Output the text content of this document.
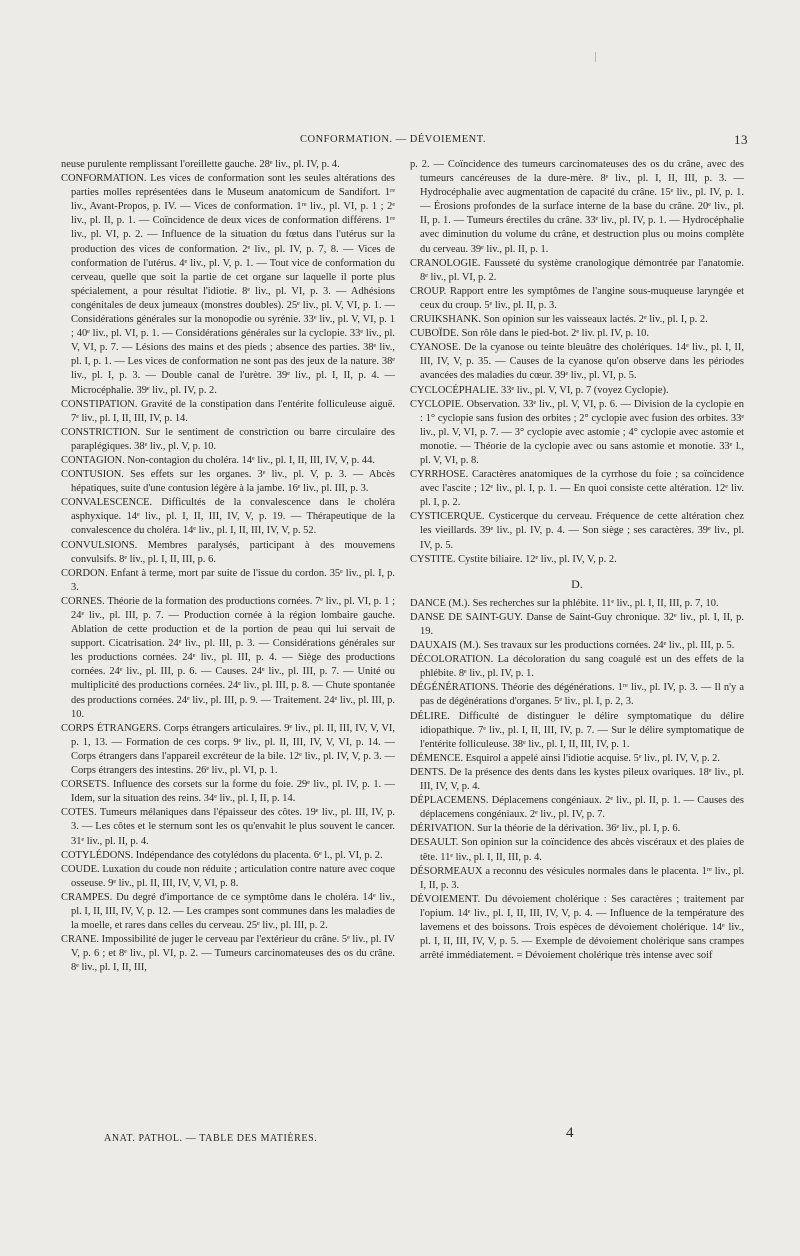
CONFORMATION. — DÉVOIEMENT.	13

neuse purulente remplissant l'oreillette gauche. 28ᵉ liv., pl. IV, p. 4.

CONFORMATION. Les vices de conformation sont les seules altérations des parties molles représentées dans le Museum anatomicum de Sandifort. 1ʳᵉ liv., Avant-Propos, p. IV. — Vices de conformation. 1ʳᵉ liv., pl. VI, p. 1 ; 2ᵉ liv., pl. II, p. 1. — Coïncidence de deux vices de conformation différens. 1ʳᵉ liv., pl. VI, p. 2. — Influence de la situation du fœtus dans l'utérus sur la production des vices de conformation. 2ᵉ liv., pl. IV, p. 7, 8. — Vices de conformation de l'utérus. 4ᵉ liv., pl. V, p. 1. — Tout vice de conformation du cerveau, quelle que soit la partie de cet organe sur laquelle il porte plus spécialement, a pour résultat l'idiotie. 8ᵉ liv., pl. VI, p. 3. — Adhésions congénitales de deux jumeaux (monstres doubles). 25ᵉ liv., pl. V, VI, p. 1. — Considérations générales sur la monopodie ou syrénie. 33ᵉ liv., pl. V, VI, p. 1 ; 40ᵉ liv., pl. VI, p. 1. — Considérations générales sur la cyclopie. 33ᵉ liv., pl. V, VI, p. 7. — Lésions des mains et des pieds ; absence des parties. 38ᵉ liv., pl. I, p. 1. — Les vices de conformation ne sont pas des jeux de la nature. 38ᵉ liv., pl. I, p. 3. — Double canal de l'urètre. 39ᵉ liv., pl. I, II, p. 4. — Microcéphalie. 39ᵉ liv., pl. IV, p. 2.

CONSTIPATION. Gravité de la constipation dans l'entérite folliculeuse aiguë. 7ᵉ liv., pl. I, II, III, IV, p. 14.

CONSTRICTION. Sur le sentiment de constriction ou barre circulaire des paraplégiques. 38ᵉ liv., pl. V, p. 10.

CONTAGION. Non-contagion du choléra. 14ᵉ liv., pl. I, II, III, IV, V, p. 44.

CONTUSION. Ses effets sur les organes. 3ᵉ liv., pl. V, p. 3. — Abcès hépatiques, suite d'une contusion légère à la jambe. 16ᵉ liv., pl. III, p. 3.

CONVALESCENCE. Difficultés de la convalescence dans le choléra asphyxique. 14ᵉ liv., pl. I, II, III, IV, V, p. 19. — Thérapeutique de la convalescence du choléra. 14ᵉ liv., pl. I, II, III, IV, V, p. 52.

CONVULSIONS. Membres paralysés, participant à des mouvemens convulsifs. 8ᵉ liv., pl. I, II, III, p. 6.

CORDON. Enfant à terme, mort par suite de l'issue du cordon. 35ᵉ liv., pl. I, p. 3.

CORNES. Théorie de la formation des productions cornées. 7ᵉ liv., pl. VI, p. 1 ; 24ᵉ liv., pl. III, p. 7. — Production cornée à la région lombaire gauche. Ablation de cette production et de la portion de peau qui lui servait de support. Cicatrisation. 24ᵉ liv., pl. III, p. 3. — Considérations générales sur les productions cornées. 24ᵉ liv., pl. III, p. 4. — Siège des productions cornées. 24ᵉ liv., pl. III, p. 6. — Causes. 24ᵉ liv., pl. III, p. 7. — Unité ou multiplicité des productions cornées. 24ᵉ liv., pl. III, p. 8. — Chute spontanée des productions cornées. 24ᵉ liv., pl. III, p. 9. — Traitement. 24ᵉ liv., pl. III, p. 10.

CORPS ÉTRANGERS. Corps étrangers articulaires. 9ᵉ liv., pl. II, III, IV, V, VI, p. 1, 13. — Formation de ces corps. 9ᵉ liv., pl. II, III, IV, V, VI, p. 14. — Corps étrangers dans l'appareil excréteur de la bile. 12ᵉ liv., pl. IV, V, p. 3. — Corps étrangers des intestins. 26ᵉ liv., pl. VI, p. 1.

CORSETS. Influence des corsets sur la forme du foie. 29ᵉ liv., pl. IV, p. 1. — Idem, sur la situation des reins. 34ᵉ liv., pl. I, II, p. 14.

COTES. Tumeurs mélaniques dans l'épaisseur des côtes. 19ᵉ liv., pl. III, IV, p. 3. — Les côtes et le sternum sont les os qu'envahit le plus souvent le cancer. 31ᵉ liv., pl. II, p. 4.

COTYLÉDONS. Indépendance des cotylédons du placenta. 6ᵉ l., pl. VI, p. 2.

COUDE. Luxation du coude non réduite ; articulation contre nature avec coque osseuse. 9ᵉ liv., pl. II, III, IV, V, VI, p. 8.

CRAMPES. Du degré d'importance de ce symptôme dans le choléra. 14ᵉ liv., pl. I, II, III, IV, V, p. 12. — Les crampes sont communes dans les maladies de la moelle, et rares dans celles du cerveau. 25ᵉ liv., pl. III, p. 2.

CRANE. Impossibilité de juger le cerveau par l'extérieur du crâne. 5ᵉ liv., pl. IV V, p. 6 ; et 8ᵉ liv., pl. VI, p. 2. — Tumeurs carcinomateuses des os du crâne. 8ᵉ liv., pl. I, II, III,

p. 2. — Coïncidence des tumeurs carcinomateuses des os du crâne, avec des tumeurs cancéreuses de la dure-mère. 8ᵉ liv., pl. I, II, III, p. 3. — Hydrocéphalie avec augmentation de capacité du crâne. 15ᵉ liv., pl. IV, p. 1. — Érosions profondes de la surface interne de la base du crâne. 20ᵉ liv., pl. II, p. 1. — Tumeurs érectiles du crâne. 33ᵉ liv., pl. IV, p. 1. — Hydrocéphalie avec diminution du volume du crâne, et destruction plus ou moins complète du cerveau. 39ᵉ liv., pl. II, p. 1.

CRANOLOGIE. Fausseté du système cranologique démontrée par l'anatomie. 8ᵉ liv., pl. VI, p. 2.

CROUP. Rapport entre les symptômes de l'angine sous-muqueuse laryngée et ceux du croup. 5ᵉ liv., pl. II, p. 3.

CRUIKSHANK. Son opinion sur les vaisseaux lactés. 2ᵉ liv., pl. I, p. 2.

CUBOÏDE. Son rôle dans le pied-bot. 2ᵉ liv. pl. IV, p. 10.

CYANOSE. De la cyanose ou teinte bleuâtre des cholériques. 14ᵉ liv., pl. I, II, III, IV, V, p. 35. — Causes de la cyanose qu'on observe dans les périodes avancées des maladies du cœur. 39ᵉ liv., pl. VI, p. 5.

CYCLOCÉPHALIE. 33ᵉ liv., pl. V, VI, p. 7 (voyez Cyclopie).

CYCLOPIE. Observation. 33ᵉ liv., pl. V, VI, p. 6. — Division de la cyclopie en : 1° cyclopie sans fusion des orbites ; 2° cyclopie avec fusion des orbites. 33ᵉ liv., pl. V, VI, p. 7. — 3° cyclopie avec astomie ; 4° cyclopie avec astomie et monotie. — Théorie de la cyclopie avec ou sans astomie et monotie. 33ᵉ l., pl. V, VI, p. 8.

CYRRHOSE. Caractères anatomiques de la cyrrhose du foie ; sa coïncidence avec l'ascite ; 12ᵉ liv., pl. I, p. 1. — En quoi consiste cette altération. 12ᵉ liv. pl. I, p. 2.

CYSTICERQUE. Cysticerque du cerveau. Fréquence de cette altération chez les vieillards. 39ᵉ liv., pl. IV, p. 4. — Son siège ; ses caractères. 39ᵉ liv., pl. IV, p. 5.

CYSTITE. Cystite biliaire. 12ᵉ liv., pl. IV, V, p. 2.

D.

DANCE (M.). Ses recherches sur la phlébite. 11ᵉ liv., pl. I, II, III, p. 7, 10.

DANSE DE SAINT-GUY. Danse de Saint-Guy chronique. 32ᵉ liv., pl. I, II, p. 19.

DAUXAIS (M.). Ses travaux sur les productions cornées. 24ᵉ liv., pl. III, p. 5.

DÉCOLORATION. La décoloration du sang coagulé est un des effets de la phlébite. 8ᵉ liv., pl. IV, p. 1.

DÉGÉNÉRATIONS. Théorie des dégénérations. 1ʳᵉ liv., pl. IV, p. 3. — Il n'y a pas de dégénérations d'organes. 5ᵉ liv., pl. I, p. 2, 3.

DÉLIRE. Difficulté de distinguer le délire symptomatique du délire idiopathique. 7ᵉ liv., pl. I, II, III, IV, p. 7. — Sur le délire symptomatique de l'entérite folliculeuse. 38ᵉ liv., pl. I, II, III, IV, p. 1.

DÉMENCE. Esquirol a appelé ainsi l'idiotie acquise. 5ᵉ liv., pl. IV, V, p. 2.

DENTS. De la présence des dents dans les kystes pileux ovariques. 18ᵉ liv., pl. III, IV, V, p. 4.

DÉPLACEMENS. Déplacemens congéniaux. 2ᵉ liv., pl. II, p. 1. — Causes des déplacemens congéniaux. 2ᵉ liv., pl. IV, p. 7.

DÉRIVATION. Sur la théorie de la dérivation. 36ᵉ liv., pl. I, p. 6.

DESAULT. Son opinion sur la coïncidence des abcès viscéraux et des plaies de tête. 11ᵉ liv., pl. I, II, III, p. 4.

DÉSORMEAUX a reconnu des vésicules normales dans le placenta. 1ʳᵉ liv., pl. I, II, p. 3.

DÉVOIEMENT. Du dévoiement cholérique : Ses caractères ; traitement par l'opium. 14ᵉ liv., pl. I, II, III, IV, V, p. 4. — Influence de la température des lavemens et des boissons. Trois espèces de dévoiement cholérique. 14ᵉ liv., pl. I, II, III, IV, V, p. 5. — Exemple de dévoiement cholérique sans crampes arrêté immédiatement. = Dévoiement cholérique très intense avec soif

ANAT. PATHOL. — TABLE DES MATIÈRES.	4
